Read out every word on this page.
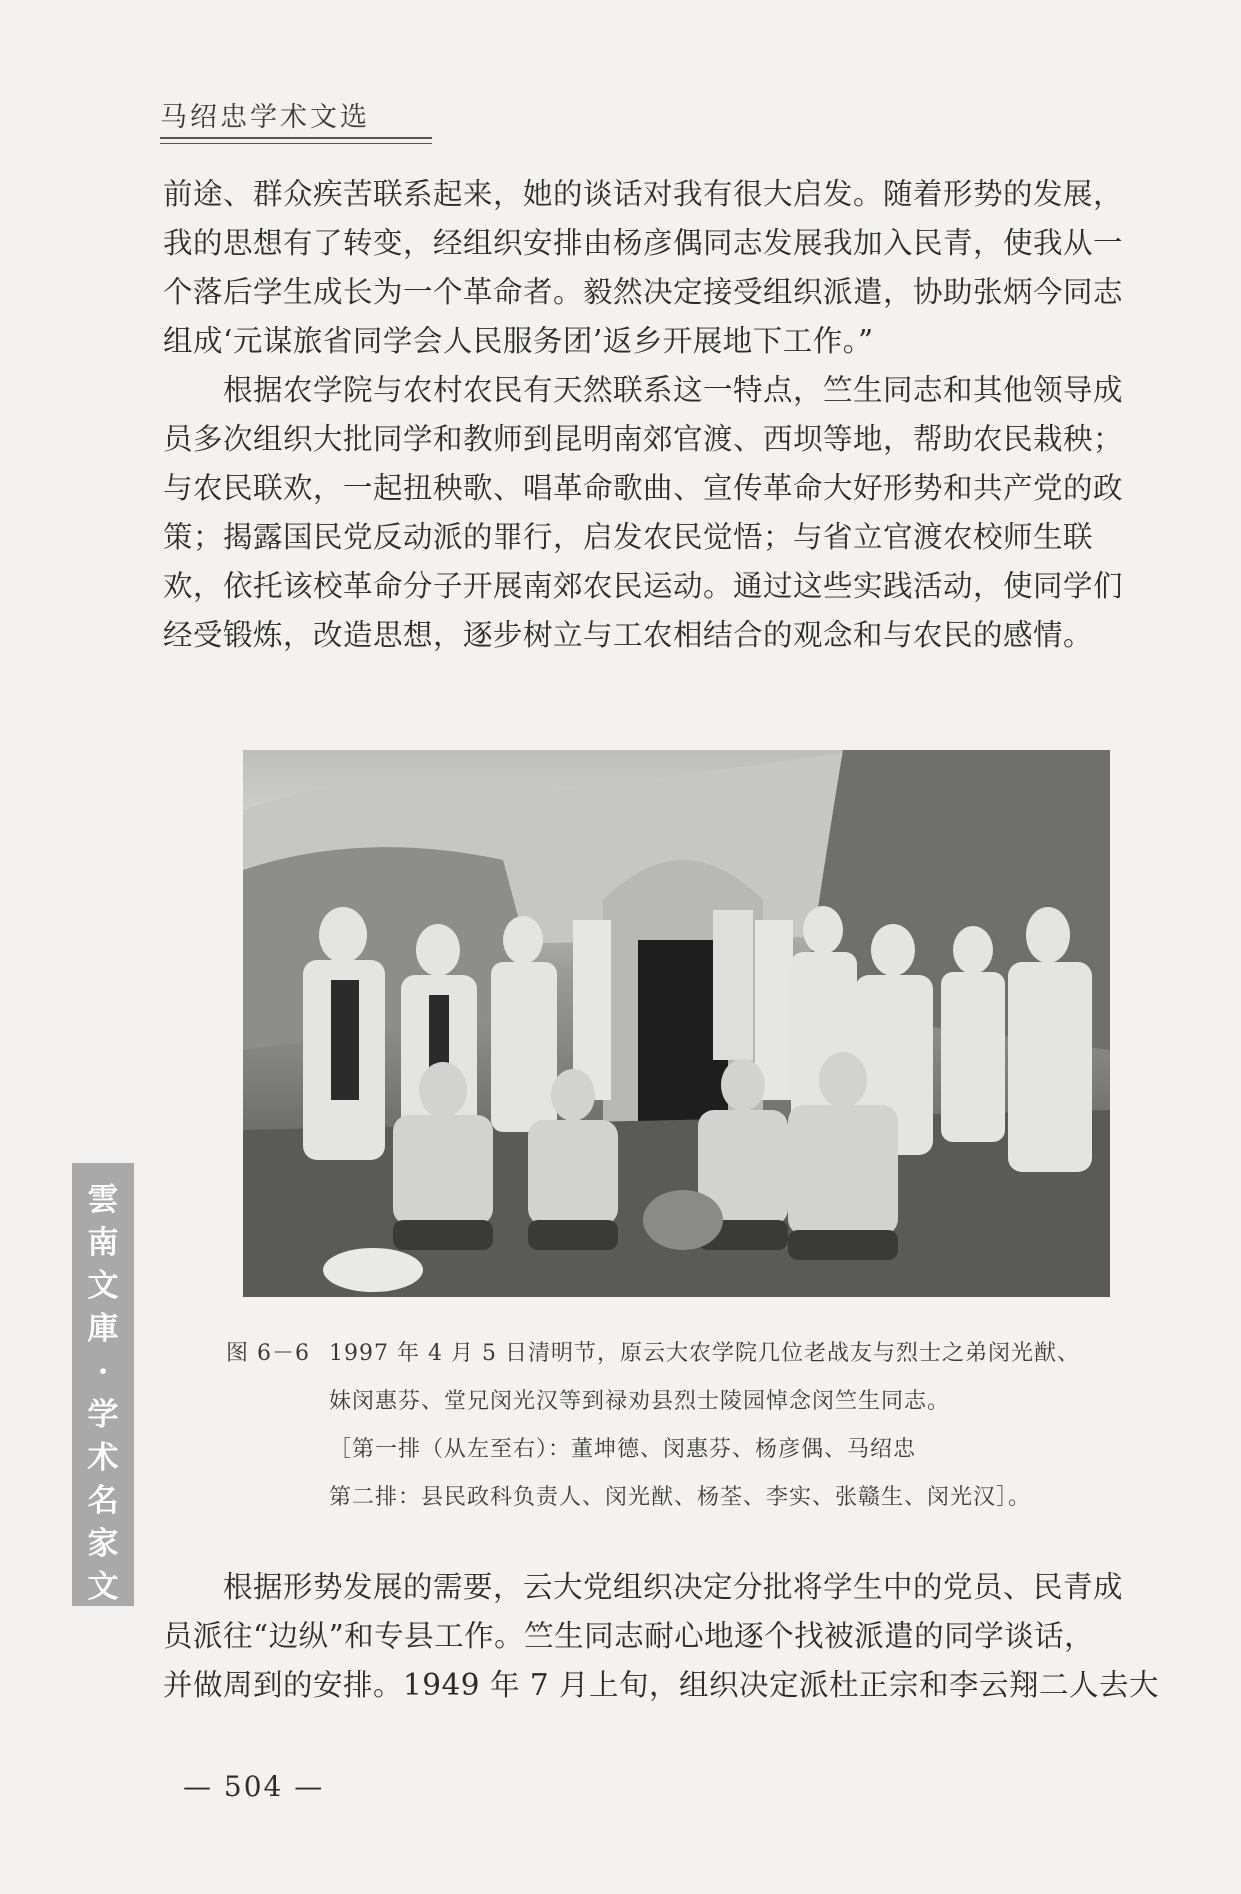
马绍忠学术文选
前途、群众疾苦联系起来，她的谈话对我有很大启发。随着形势的发展，
我的思想有了转变，经组织安排由杨彦偶同志发展我加入民青，使我从一
个落后学生成长为一个革命者。毅然决定接受组织派遣，协助张炳今同志
组成‘元谋旅省同学会人民服务团’返乡开展地下工作。”
　　根据农学院与农村农民有天然联系这一特点，竺生同志和其他领导成
员多次组织大批同学和教师到昆明南郊官渡、西坝等地，帮助农民栽秧；
与农民联欢，一起扭秧歌、唱革命歌曲、宣传革命大好形势和共产党的政
策；揭露国民党反动派的罪行，启发农民觉悟；与省立官渡农校师生联
欢，依托该校革命分子开展南郊农民运动。通过这些实践活动，使同学们
经受锻炼，改造思想，逐步树立与工农相结合的观念和与农民的感情。
图 6－6 1997 年 4 月 5 日清明节，原云大农学院几位老战友与烈士之弟闵光猷、
妹闵惠芬、堂兄闵光汉等到禄劝县烈士陵园悼念闵竺生同志。
［第一排（从左至右）：董坤德、闵惠芬、杨彦偶、马绍忠
第二排：县民政科负责人、闵光猷、杨荃、李实、张赣生、闵光汉］。
　　根据形势发展的需要，云大党组织决定分批将学生中的党员、民青成
员派往“边纵”和专县工作。竺生同志耐心地逐个找被派遣的同学谈话，
并做周到的安排。1949 年 7 月上旬，组织决定派杜正宗和李云翔二人去大
雲
南
文
庫
·
学
术
名
家
文
— 504 —
